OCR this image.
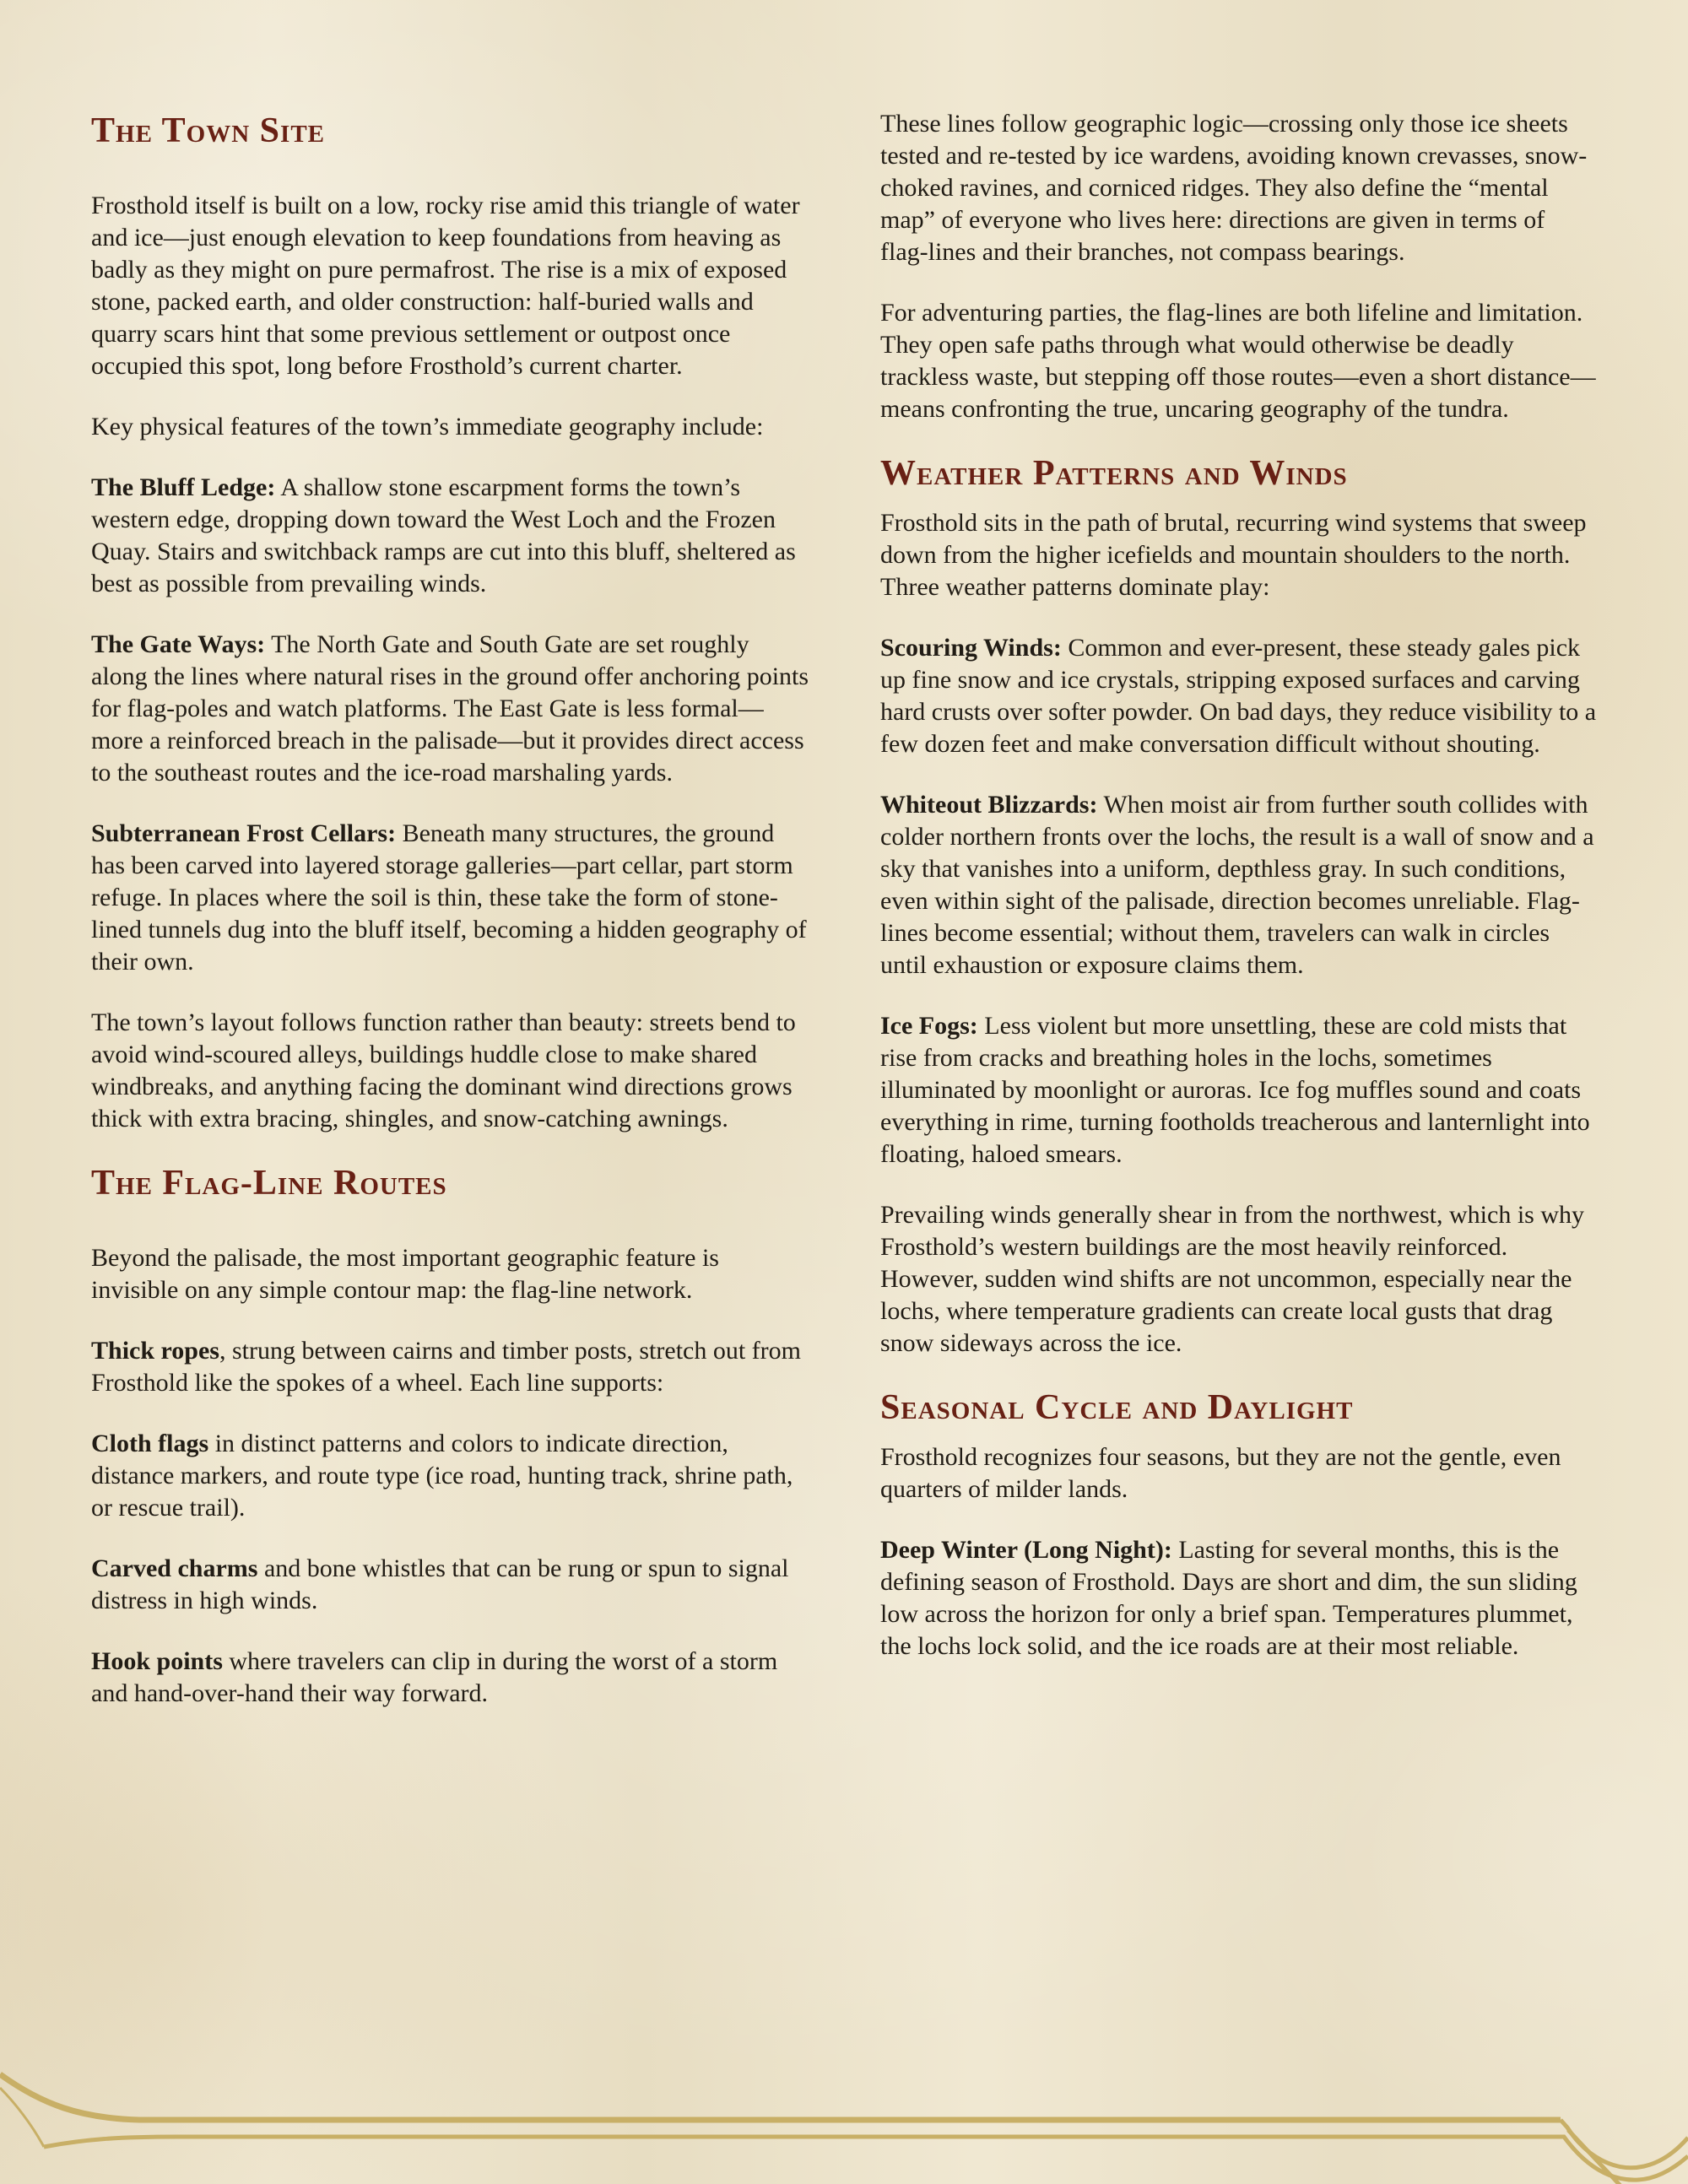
The Town Site

Frosthold itself is built on a low, rocky rise amid this triangle of water and ice—just enough elevation to keep foundations from heaving as badly as they might on pure permafrost. The rise is a mix of exposed stone, packed earth, and older construction: half-buried walls and quarry scars hint that some previous settlement or outpost once occupied this spot, long before Frosthold’s current charter.

Key physical features of the town’s immediate geography include:

The Bluff Ledge: A shallow stone escarpment forms the town’s western edge, dropping down toward the West Loch and the Frozen Quay. Stairs and switchback ramps are cut into this bluff, sheltered as best as possible from prevailing winds.

The Gate Ways: The North Gate and South Gate are set roughly along the lines where natural rises in the ground offer anchoring points for flag-poles and watch platforms. The East Gate is less formal—more a reinforced breach in the palisade—but it provides direct access to the southeast routes and the ice-road marshaling yards.

Subterranean Frost Cellars: Beneath many structures, the ground has been carved into layered storage galleries—part cellar, part storm refuge. In places where the soil is thin, these take the form of stone-lined tunnels dug into the bluff itself, becoming a hidden geography of their own.

The town’s layout follows function rather than beauty: streets bend to avoid wind-scoured alleys, buildings huddle close to make shared windbreaks, and anything facing the dominant wind directions grows thick with extra bracing, shingles, and snow-catching awnings.

The Flag-Line Routes

Beyond the palisade, the most important geographic feature is invisible on any simple contour map: the flag-line network.

Thick ropes, strung between cairns and timber posts, stretch out from Frosthold like the spokes of a wheel. Each line supports:

Cloth flags in distinct patterns and colors to indicate direction, distance markers, and route type (ice road, hunting track, shrine path, or rescue trail).

Carved charms and bone whistles that can be rung or spun to signal distress in high winds.

Hook points where travelers can clip in during the worst of a storm and hand-over-hand their way forward.

These lines follow geographic logic—crossing only those ice sheets tested and re-tested by ice wardens, avoiding known crevasses, snow-choked ravines, and corniced ridges. They also define the “mental map” of everyone who lives here: directions are given in terms of flag-lines and their branches, not compass bearings.

For adventuring parties, the flag-lines are both lifeline and limitation. They open safe paths through what would otherwise be deadly trackless waste, but stepping off those routes—even a short distance—means confronting the true, uncaring geography of the tundra.

Weather Patterns and Winds

Frosthold sits in the path of brutal, recurring wind systems that sweep down from the higher icefields and mountain shoulders to the north. Three weather patterns dominate play:

Scouring Winds: Common and ever-present, these steady gales pick up fine snow and ice crystals, stripping exposed surfaces and carving hard crusts over softer powder. On bad days, they reduce visibility to a few dozen feet and make conversation difficult without shouting.

Whiteout Blizzards: When moist air from further south collides with colder northern fronts over the lochs, the result is a wall of snow and a sky that vanishes into a uniform, depthless gray. In such conditions, even within sight of the palisade, direction becomes unreliable. Flag-lines become essential; without them, travelers can walk in circles until exhaustion or exposure claims them.

Ice Fogs: Less violent but more unsettling, these are cold mists that rise from cracks and breathing holes in the lochs, sometimes illuminated by moonlight or auroras. Ice fog muffles sound and coats everything in rime, turning footholds treacherous and lanternlight into floating, haloed smears.

Prevailing winds generally shear in from the northwest, which is why Frosthold’s western buildings are the most heavily reinforced. However, sudden wind shifts are not uncommon, especially near the lochs, where temperature gradients can create local gusts that drag snow sideways across the ice.

Seasonal Cycle and Daylight

Frosthold recognizes four seasons, but they are not the gentle, even quarters of milder lands.

Deep Winter (Long Night): Lasting for several months, this is the defining season of Frosthold. Days are short and dim, the sun sliding low across the horizon for only a brief span. Temperatures plummet, the lochs lock solid, and the ice roads are at their most reliable.
